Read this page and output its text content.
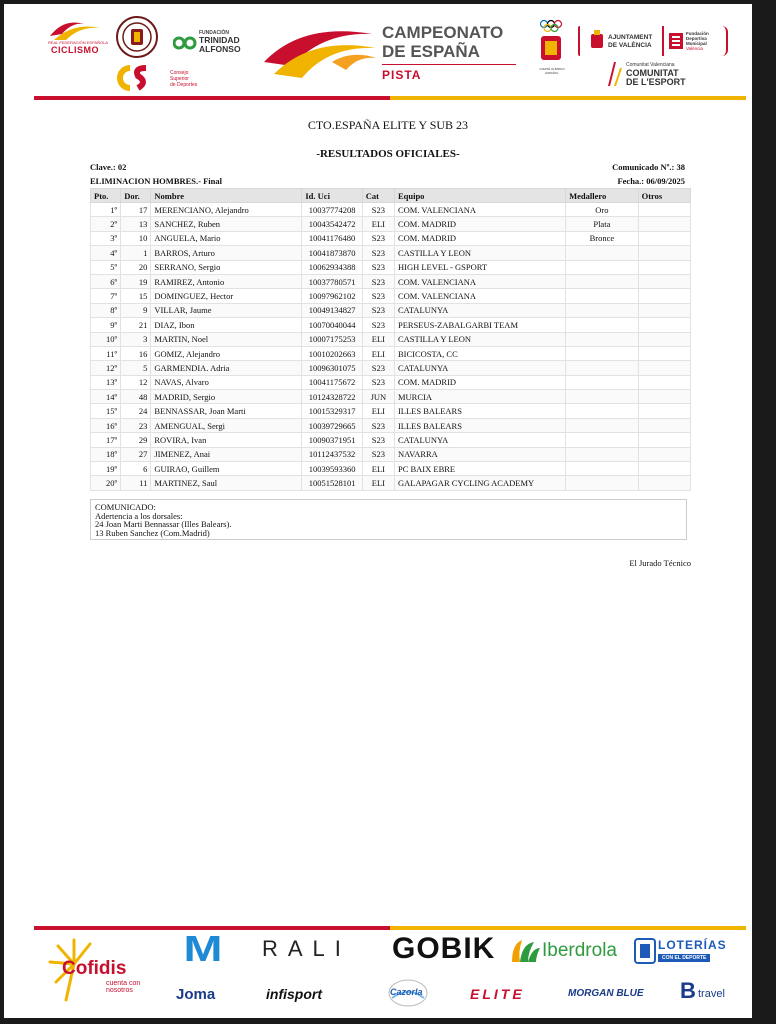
REAL FEDERACIÓN ESPAÑOLA
CICLISMO
FUNDACIÓN
TRINIDAD
ALFONSO
Consejo
Superior
de Deportes
CAMPEONATO
DE ESPAÑA
PISTA	COMITÉ OLÍMPICO ESPAÑOL
AJUNTAMENT
DE VALÈNCIA
Fundación
Deportiva
Municipal
València
Comunitat Valenciana
COMUNITAT
DE L'ESPORT
CTO.ESPAÑA ELITE Y SUB 23
-RESULTADOS OFICIALES-
Clave.: 02	Comunicado Nº.: 38
ELIMINACION HOMBRES.- Final	Fecha.: 06/09/2025
Pto.	Dor.	Nombre	Id. Uci	Cat	Equipo	Medallero	Otros
1º	17	MERENCIANO, Alejandro	10037774208	S23	COM. VALENCIANA	Oro	
2º	13	SANCHEZ, Ruben	10043542472	ELI	COM. MADRID	Plata	
3º	10	ANGUELA, Mario	10041176480	S23	COM. MADRID	Bronce	
4º	1	BARROS, Arturo	10041873870	S23	CASTILLA Y LEON		
5º	20	SERRANO, Sergio	10062934388	S23	HIGH LEVEL - GSPORT		
6º	19	RAMIREZ, Antonio	10037780571	S23	COM. VALENCIANA		
7º	15	DOMINGUEZ, Hector	10097962102	S23	COM. VALENCIANA		
8º	9	VILLAR, Jaume	10049134827	S23	CATALUNYA		
9º	21	DIAZ, Ibon	10070040044	S23	PERSEUS-ZABALGARBI TEAM		
10º	3	MARTIN, Noel	10007175253	ELI	CASTILLA Y LEON		
11º	16	GOMIZ, Alejandro	10010202663	ELI	BICICOSTA, CC		
12º	5	GARMENDIA. Adria	10096301075	S23	CATALUNYA		
13º	12	NAVAS, Alvaro	10041175672	S23	COM. MADRID		
14º	48	MADRID, Sergio	10124328722	JUN	MURCIA		
15º	24	BENNASSAR, Joan Marti	10015329317	ELI	ILLES BALEARS		
16º	23	AMENGUAL, Sergi	10039729665	S23	ILLES BALEARS		
17º	29	ROVIRA, Ivan	10090371951	S23	CATALUNYA		
18º	27	JIMENEZ, Anai	10112437532	S23	NAVARRA		
19º	6	GUIRAO, Guillem	10039593360	ELI	PC BAIX EBRE		
20º	11	MARTINEZ, Saul	10051528101	ELI	GALAPAGAR CYCLING ACADEMY		
COMUNICADO:
Adertencia a los dorsales:
24 Joan Marti Bennassar (Illes Balears).
13 Ruben Sanchez (Com.Madrid)
El Jurado Técnico
Cofidis
cuenta con
nosotros
M RALI GOBIK Iberdrola	LOTERÍAS
CON EL DEPORTE
Joma	infisport	Cazorla	ELITE	MORGAN BLUE B travel
